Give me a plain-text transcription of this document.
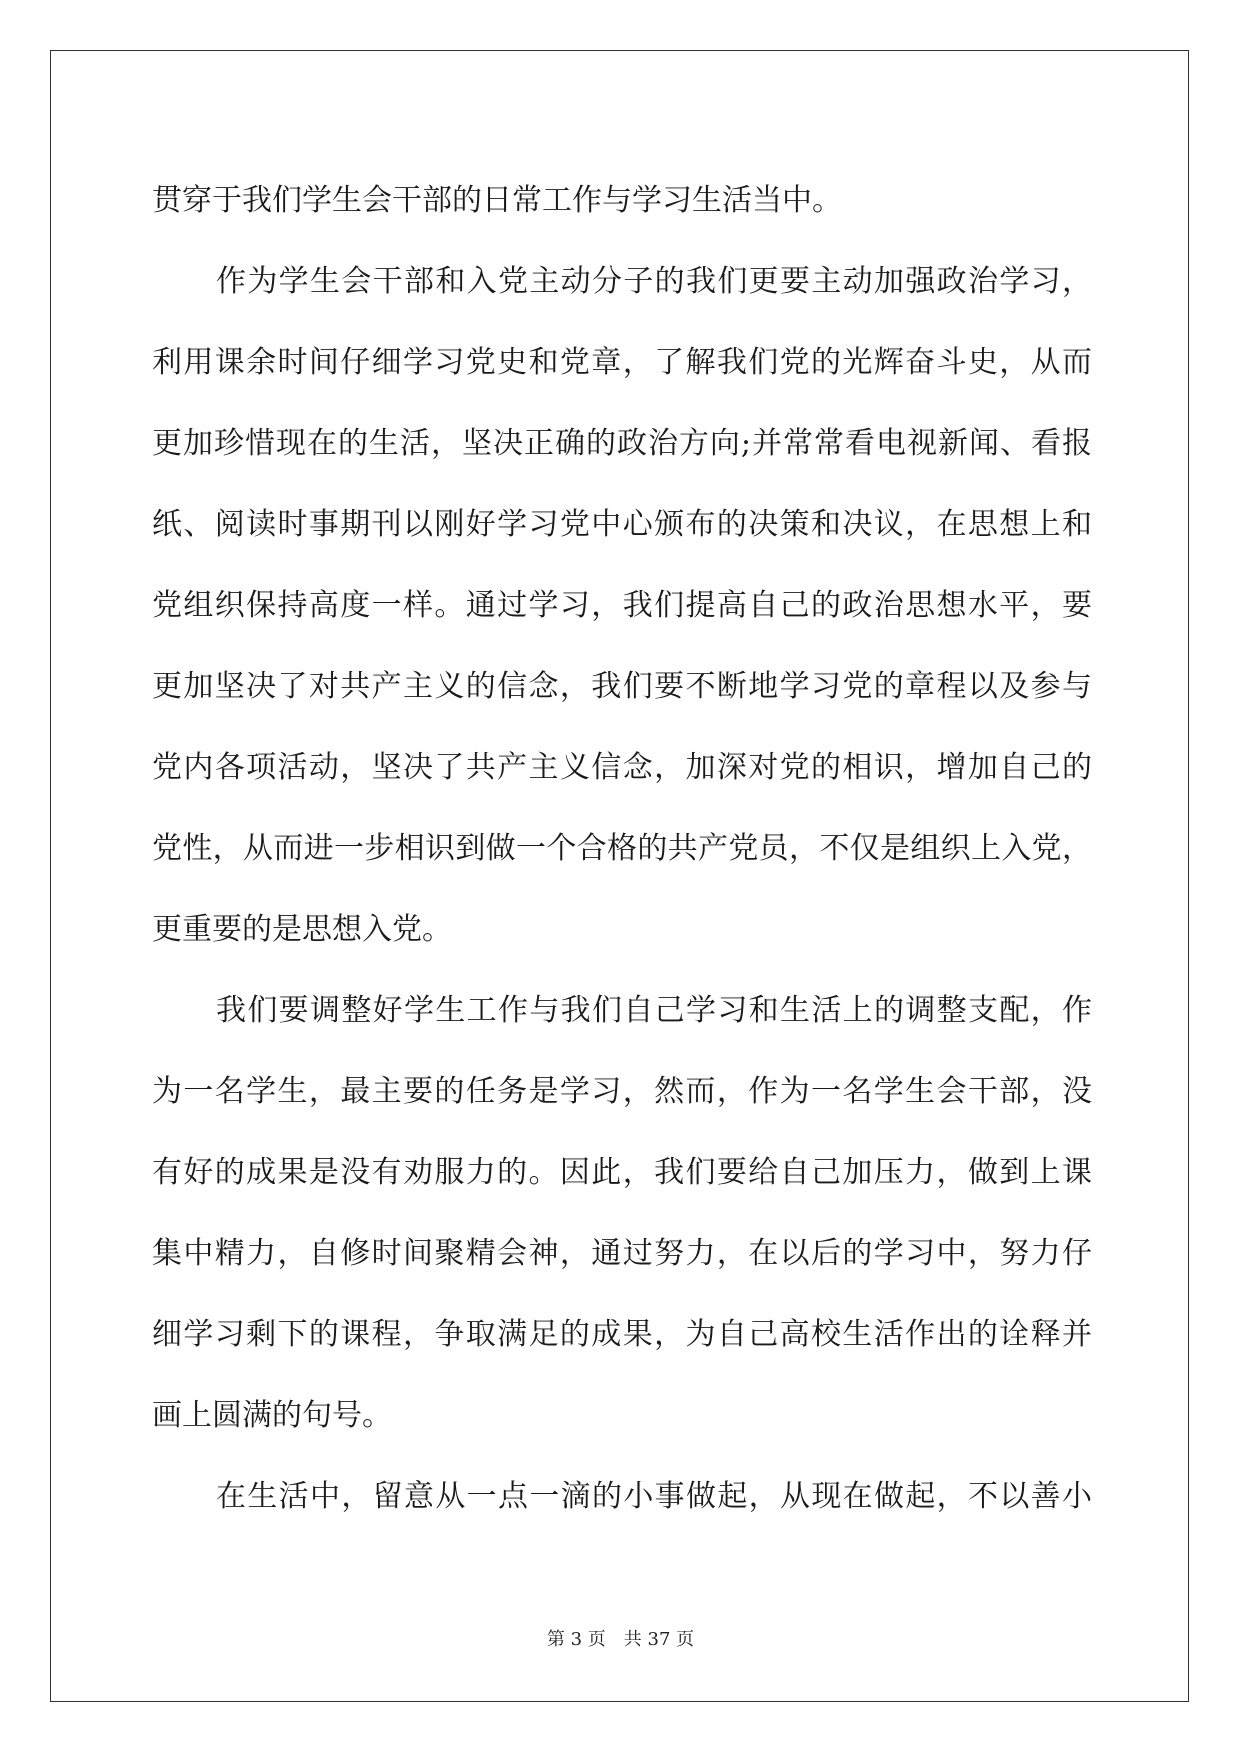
贯穿于我们学生会干部的日常工作与学习生活当中。
作为学生会干部和入党主动分子的我们更要主动加强政治学习，
利用课余时间仔细学习党史和党章，了解我们党的光辉奋斗史，从而
更加珍惜现在的生活，坚决正确的政治方向;并常常看电视新闻、看报
纸、阅读时事期刊以刚好学习党中心颁布的决策和决议，在思想上和
党组织保持高度一样。通过学习，我们提高自己的政治思想水平，要
更加坚决了对共产主义的信念，我们要不断地学习党的章程以及参与
党内各项活动，坚决了共产主义信念，加深对党的相识，增加自己的
党性，从而进一步相识到做一个合格的共产党员，不仅是组织上入党，
更重要的是思想入党。
我们要调整好学生工作与我们自己学习和生活上的调整支配，作
为一名学生，最主要的任务是学习，然而，作为一名学生会干部，没
有好的成果是没有劝服力的。因此，我们要给自己加压力，做到上课
集中精力，自修时间聚精会神，通过努力，在以后的学习中，努力仔
细学习剩下的课程，争取满足的成果，为自己高校生活作出的诠释并
画上圆满的句号。
在生活中，留意从一点一滴的小事做起，从现在做起，不以善小
第 3 页　共 37 页
